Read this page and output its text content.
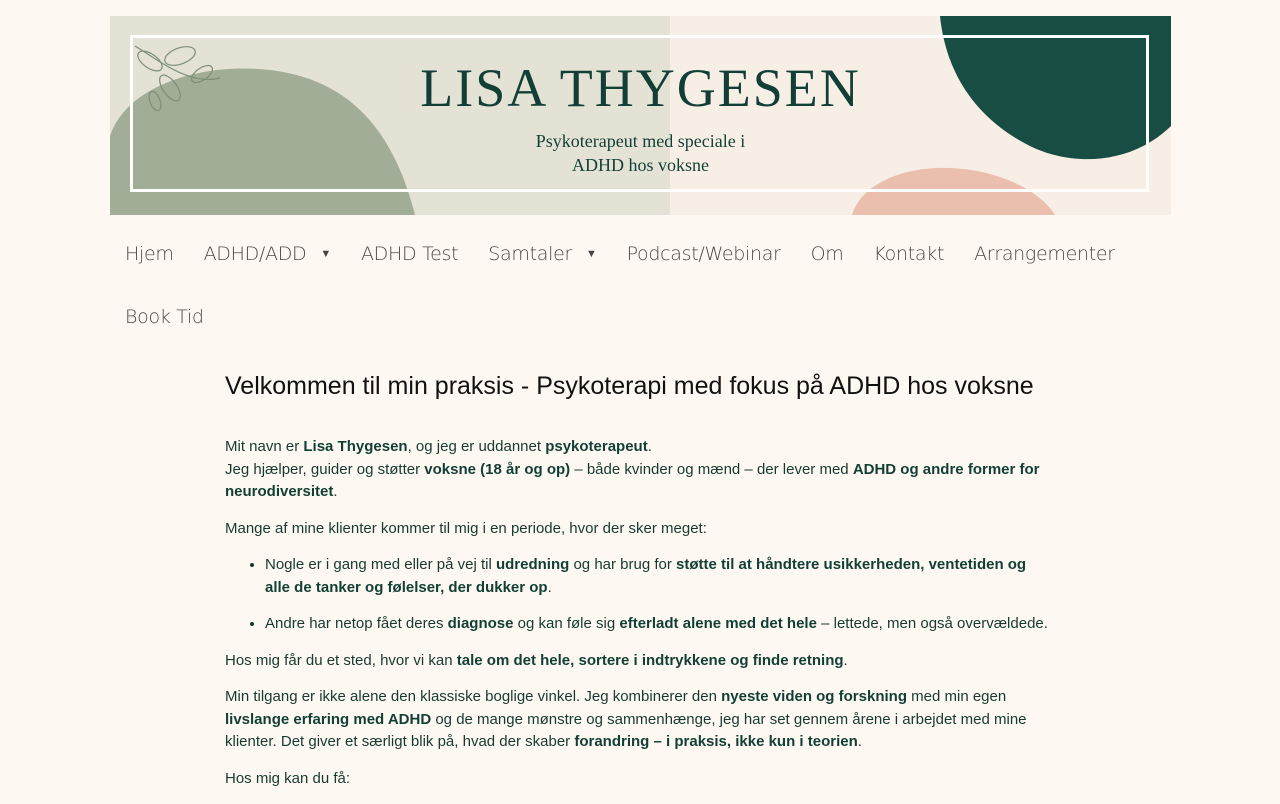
LISA THYGESEN
Psykoterapeut med speciale i
ADHD hos voksne
Hjem ADHD/ADD ▼ ADHD Test Samtaler ▼ Podcast/Webinar Om Kontakt Arrangementer
Book Tid
Velkommen til min praksis - Psykoterapi med fokus på ADHD hos voksne

Mit navn er Lisa Thygesen, og jeg er uddannet psykoterapeut.
Jeg hjælper, guider og støtter voksne (18 år og op) – både kvinder og mænd – der lever med ADHD og andre former for neurodiversitet.

Mange af mine klienter kommer til mig i en periode, hvor der sker meget:

• Nogle er i gang med eller på vej til udredning og har brug for støtte til at håndtere usikkerheden, ventetiden og alle de tanker og følelser, der dukker op.
• Andre har netop fået deres diagnose og kan føle sig efterladt alene med det hele – lettede, men også overvældede.

Hos mig får du et sted, hvor vi kan tale om det hele, sortere i indtrykkene og finde retning.

Min tilgang er ikke alene den klassiske boglige vinkel. Jeg kombinerer den nyeste viden og forskning med min egen livslange erfaring med ADHD og de mange mønstre og sammenhænge, jeg har set gennem årene i arbejdet med mine klienter. Det giver et særligt blik på, hvad der skaber forandring – i praksis, ikke kun i teorien.

Hos mig kan du få:
